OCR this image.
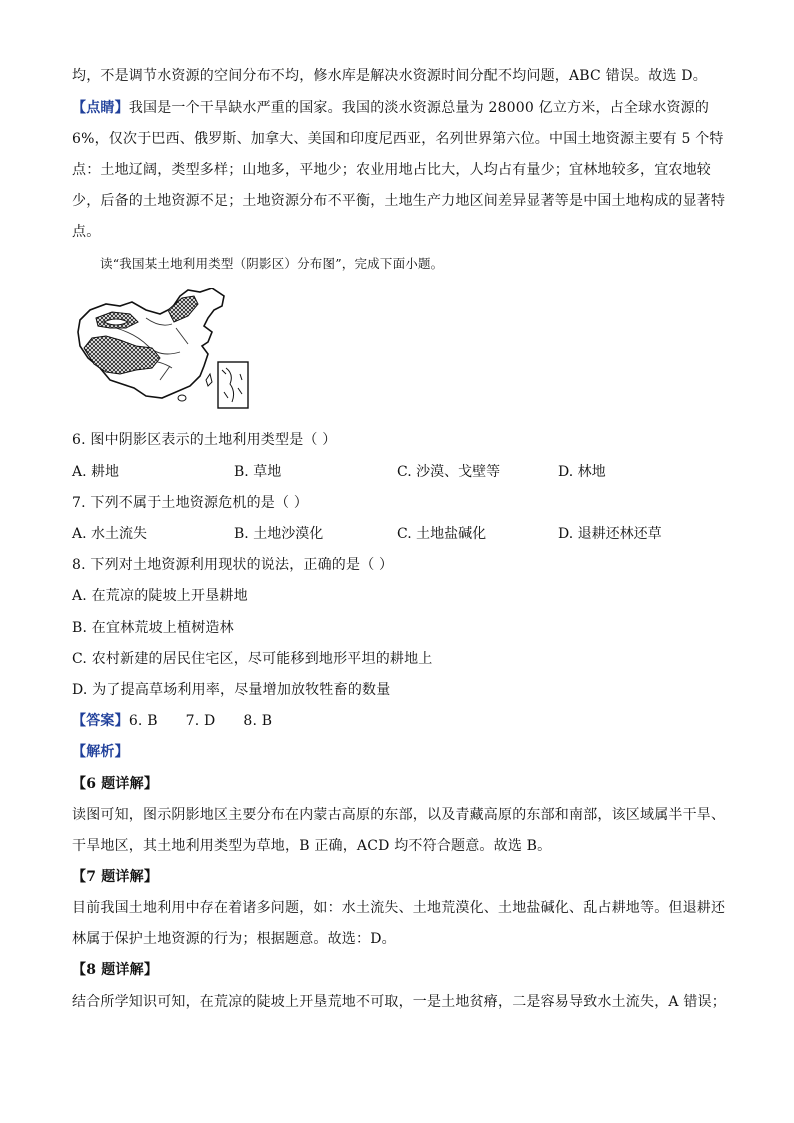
均，不是调节水资源的空间分布不均，修水库是解决水资源时间分配不均问题，ABC 错误。故选 D。
【点睛】我国是一个干旱缺水严重的国家。我国的淡水资源总量为 28000 亿立方米，占全球水资源的
6%，仅次于巴西、俄罗斯、加拿大、美国和印度尼西亚，名列世界第六位。中国土地资源主要有 5 个特
点：土地辽阔，类型多样；山地多，平地少；农业用地占比大，人均占有量少；宜林地较多，宜农地较
少，后备的土地资源不足；土地资源分布不平衡，土地生产力地区间差异显著等是中国土地构成的显著特
点。
读“我国某土地利用类型（阴影区）分布图”，完成下面小题。
6. 图中阴影区表示的土地利用类型是（ ）
A. 耕地	B. 草地	C. 沙漠、戈壁等	D. 林地
7. 下列不属于土地资源危机的是（ ）
A. 水土流失	B. 土地沙漠化	C. 土地盐碱化	D. 退耕还林还草
8. 下列对土地资源利用现状的说法，正确的是（ ）
A. 在荒凉的陡坡上开垦耕地
B. 在宜林荒坡上植树造林
C. 农村新建的居民住宅区，尽可能移到地形平坦的耕地上
D. 为了提高草场利用率，尽量增加放牧牲畜的数量
【答案】6. B      7. D      8. B
【解析】
【6 题详解】
读图可知，图示阴影地区主要分布在内蒙古高原的东部，以及青藏高原的东部和南部，该区域属半干旱、
干旱地区，其土地利用类型为草地，B 正确，ACD 均不符合题意。故选 B。
【7 题详解】
目前我国土地利用中存在着诸多问题，如：水土流失、土地荒漠化、土地盐碱化、乱占耕地等。但退耕还
林属于保护土地资源的行为；根据题意。故选：D。
【8 题详解】
结合所学知识可知，在荒凉的陡坡上开垦荒地不可取，一是土地贫瘠，二是容易导致水土流失，A 错误；
